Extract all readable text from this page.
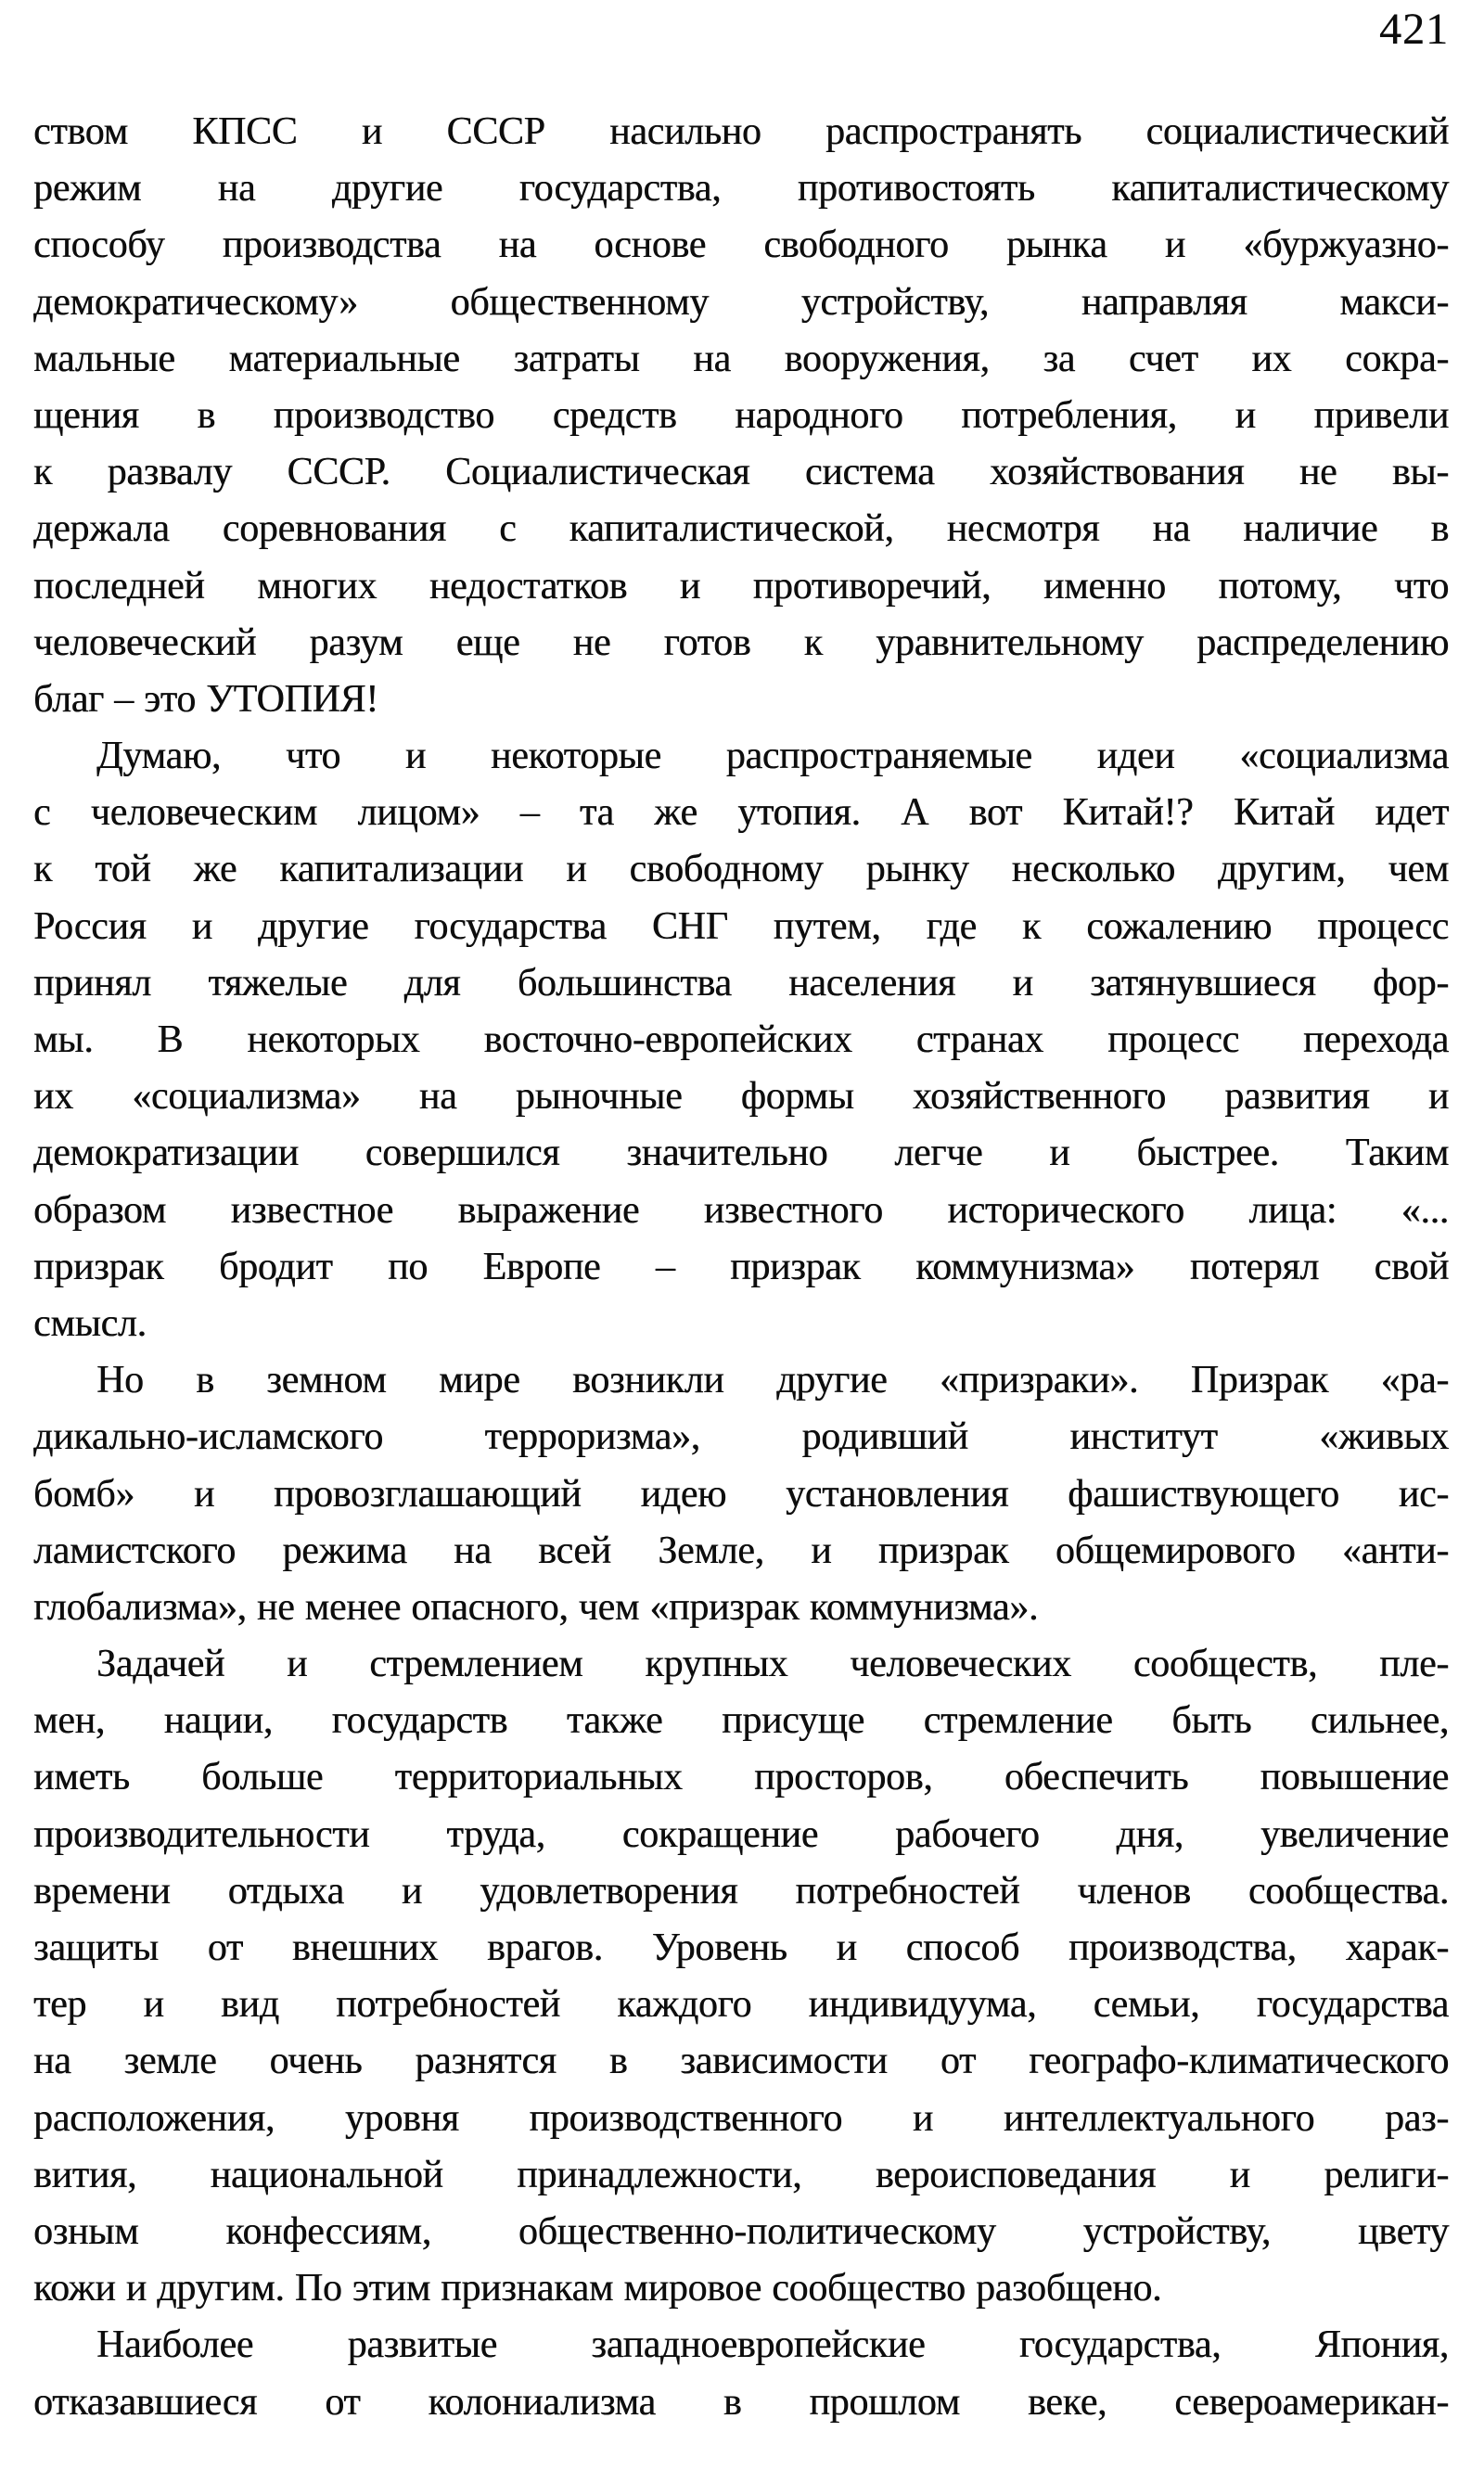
421
ством КПСС и СССР насильно распространять социалистический
режим на другие государства, противостоять капиталистическому
способу производства на основе свободного рынка и «буржуазно-
демократическому» общественному устройству, направляя макси-
мальные материальные затраты на вооружения, за счет их сокра-
щения в производство средств народного потребления, и привели
к развалу СССР. Социалистическая система хозяйствования не вы-
держала соревнования с капиталистической, несмотря на наличие в
последней многих недостатков и противоречий, именно потому, что
человеческий разум еще не готов к уравнительному распределению
благ – это УТОПИЯ!
Думаю, что и некоторые распространяемые идеи «социализма
с человеческим лицом» – та же утопия. А вот Китай!? Китай идет
к той же капитализации и свободному рынку несколько другим, чем
Россия и другие государства СНГ путем, где к сожалению процесс
принял тяжелые для большинства населения и затянувшиеся фор-
мы. В некоторых восточно-европейских странах процесс перехода
их «социализма» на рыночные формы хозяйственного развития и
демократизации совершился значительно легче и быстрее. Таким
образом известное выражение известного исторического лица: «...
призрак бродит по Европе – призрак коммунизма» потерял свой
смысл.
Но в земном мире возникли другие «призраки». Призрак «ра-
дикально-исламского терроризма», родивший институт «живых
бомб» и провозглашающий идею установления фашиствующего ис-
ламистского режима на всей Земле, и призрак общемирового «анти-
глобализма», не менее опасного, чем «призрак коммунизма».
Задачей и стремлением крупных человеческих сообществ, пле-
мен, нации, государств также присуще стремление быть сильнее,
иметь больше территориальных просторов, обеспечить повышение
производительности труда, сокращение рабочего дня, увеличение
времени отдыха и удовлетворения потребностей членов сообщества.
защиты от внешних врагов. Уровень и способ производства, харак-
тер и вид потребностей каждого индивидуума, семьи, государства
на земле очень разнятся в зависимости от географо-климатического
расположения, уровня производственного и интеллектуального раз-
вития, национальной принадлежности, вероисповедания и религи-
озным конфессиям, общественно-политическому устройству, цвету
кожи и другим. По этим признакам мировое сообщество разобщено.
Наиболее развитые западноевропейские государства, Япония,
отказавшиеся от колониализма в прошлом веке, североамерикан-
